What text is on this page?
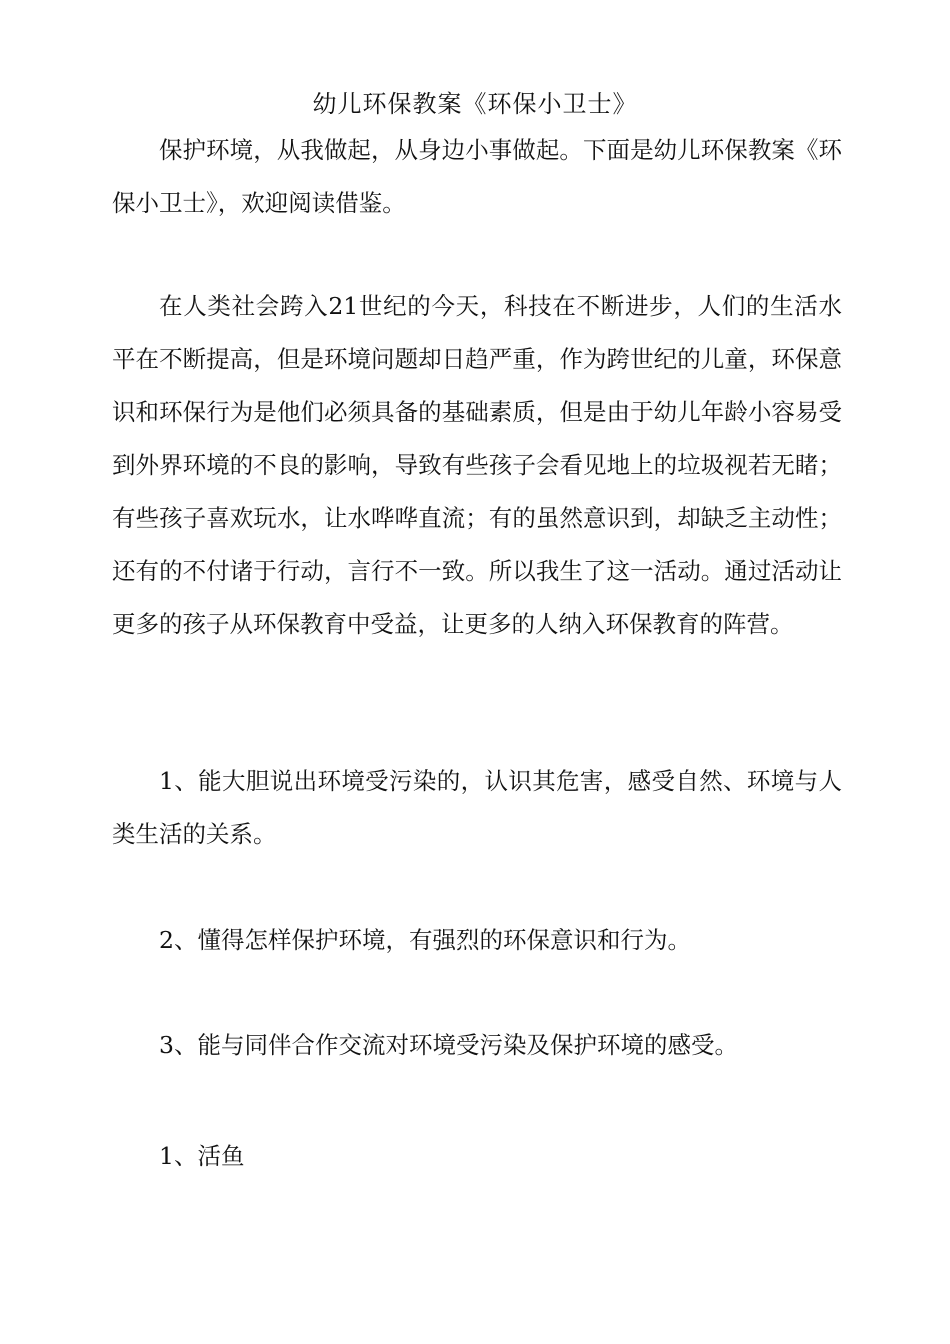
幼儿环保教案《环保小卫士》

保护环境，从我做起，从身边小事做起。下面是幼儿环保教案《环保小卫士》，欢迎阅读借鉴。

在人类社会跨入21世纪的今天，科技在不断进步，人们的生活水平在不断提高，但是环境问题却日趋严重，作为跨世纪的儿童，环保意识和环保行为是他们必须具备的基础素质，但是由于幼儿年龄小容易受到外界环境的不良的影响，导致有些孩子会看见地上的垃圾视若无睹；有些孩子喜欢玩水，让水哗哗直流；有的虽然意识到，却缺乏主动性；还有的不付诸于行动，言行不一致。所以我生了这一活动。通过活动让更多的孩子从环保教育中受益，让更多的人纳入环保教育的阵营。

1、能大胆说出环境受污染的，认识其危害，感受自然、环境与人类生活的关系。

2、懂得怎样保护环境，有强烈的环保意识和行为。

3、能与同伴合作交流对环境受污染及保护环境的感受。

1、活鱼
